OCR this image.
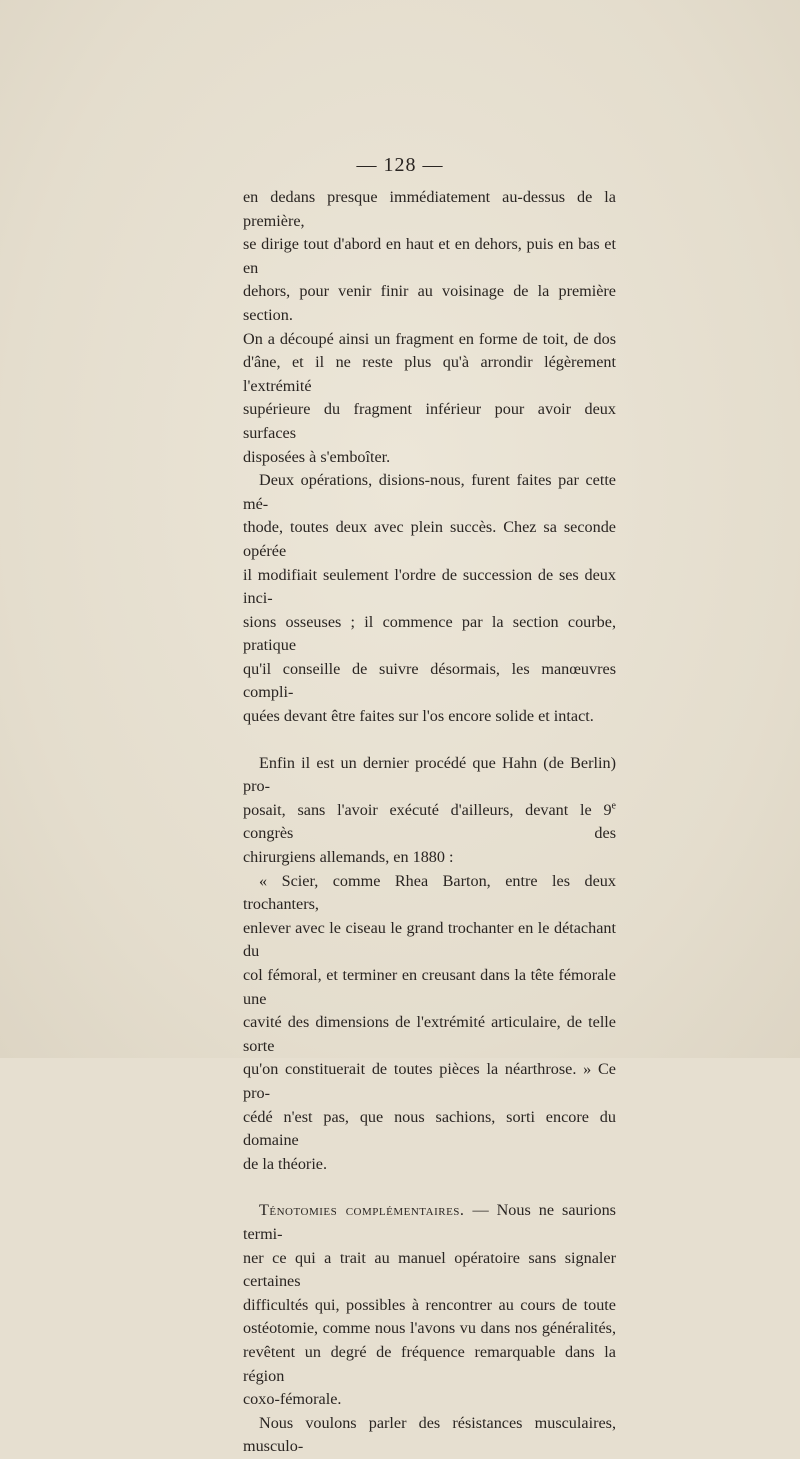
— 128 —

en dedans presque immédiatement au-dessus de la première,

se dirige tout d'abord en haut et en dehors, puis en bas et en

dehors, pour venir finir au voisinage de la première section.

On a découpé ainsi un fragment en forme de toit, de dos

d'âne, et il ne reste plus qu'à arrondir légèrement l'extrémité

supérieure du fragment inférieur pour avoir deux surfaces

disposées à s'emboîter.

Deux opérations, disions-nous, furent faites par cette mé-

thode, toutes deux avec plein succès. Chez sa seconde opérée

il modifiait seulement l'ordre de succession de ses deux inci-

sions osseuses ; il commence par la section courbe, pratique

qu'il conseille de suivre désormais, les manœuvres compli-

quées devant être faites sur l'os encore solide et intact.

Enfin il est un dernier procédé que Hahn (de Berlin) pro-

posait, sans l'avoir exécuté d'ailleurs, devant le 9e congrès des

chirurgiens allemands, en 1880 :

« Scier, comme Rhea Barton, entre les deux trochanters,

enlever avec le ciseau le grand trochanter en le détachant du

col fémoral, et terminer en creusant dans la tête fémorale une

cavité des dimensions de l'extrémité articulaire, de telle sorte

qu'on constituerait de toutes pièces la néarthrose. » Ce pro-

cédé n'est pas, que nous sachions, sorti encore du domaine

de la théorie.

Ténotomies complémentaires. — Nous ne saurions termi-

ner ce qui a trait au manuel opératoire sans signaler certaines

difficultés qui, possibles à rencontrer au cours de toute

ostéotomie, comme nous l'avons vu dans nos généralités,

revêtent un degré de fréquence remarquable dans la région

coxo-fémorale.

Nous voulons parler des résistances musculaires, musculo-
